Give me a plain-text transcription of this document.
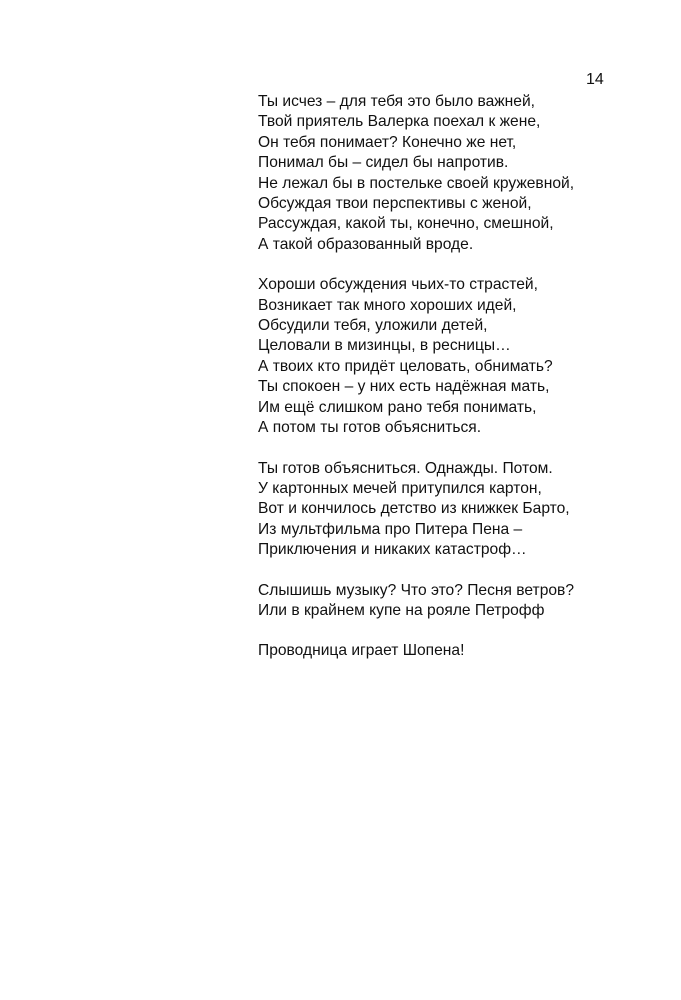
14
Ты исчез – для тебя это было важней,
Твой приятель Валерка поехал к жене,
Он тебя понимает? Конечно же нет,
Понимал бы – сидел бы напротив.
Не лежал бы в постельке своей кружевной,
Обсуждая твои перспективы с женой,
Рассуждая, какой ты, конечно, смешной,
А такой образованный вроде.
Хороши обсуждения чьих-то страстей,
Возникает так много хороших идей,
Обсудили тебя, уложили детей,
Целовали в мизинцы, в ресницы…
А твоих кто придёт целовать, обнимать?
Ты спокоен – у них есть надёжная мать,
Им ещё слишком рано тебя понимать,
А потом ты готов объясниться.
Ты готов объясниться. Однажды. Потом.
У картонных мечей притупился картон,
Вот и кончилось детство из книжкек Барто,
Из мультфильма про Питера Пена –
Приключения и никаких катастроф…
Слышишь музыку? Что это? Песня ветров?
Или в крайнем купе на рояле Петрофф
Проводница играет Шопена!
